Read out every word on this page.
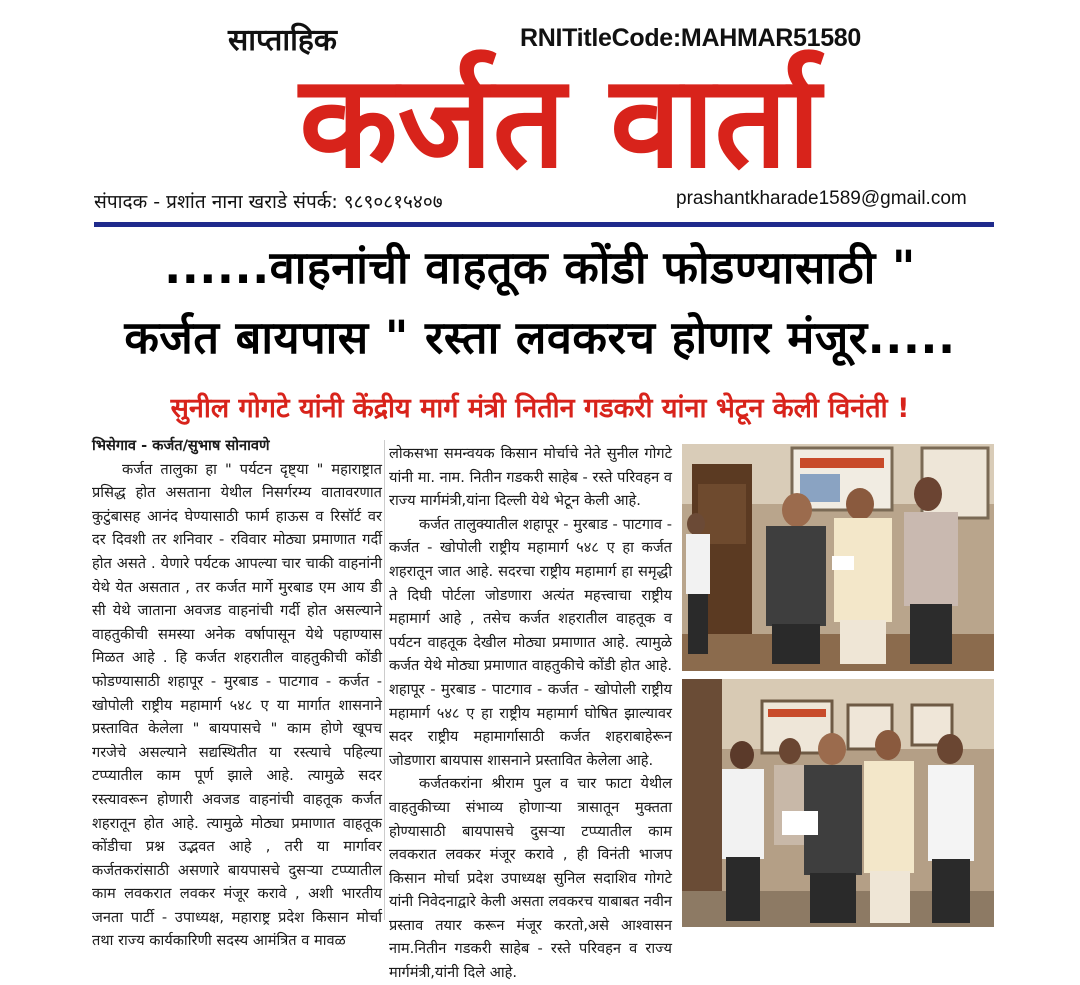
साप्ताहिक	RNITitleCode:MAHMAR51580
कर्जत वार्ता
संपादक - प्रशांत नाना खराडे संपर्क: ९८९०८१५४०७	prashantkharade1589@gmail.com
......वाहनांची वाहतूक कोंडी फोडण्यासाठी "
कर्जत बायपास " रस्ता लवकरच होणार मंजूर.....
सुनील गोगटे यांनी केंद्रीय मार्ग मंत्री नितीन गडकरी यांना भेटून केली विनंती !
भिसेगाव - कर्जत/सुभाष सोनावणे
कर्जत तालुका हा " पर्यटन दृष्ट्या " महाराष्ट्रात प्रसिद्ध होत असताना येथील निसर्गरम्य वातावरणात कुटुंबासह आनंद घेण्यासाठी फार्म हाऊस व रिसॉर्ट वर दर दिवशी तर शनिवार - रविवार मोठ्या प्रमाणात गर्दी होत असते . येणारे पर्यटक आपल्या चार चाकी वाहनांनी येथे येत असतात , तर कर्जत मार्गे मुरबाड एम आय डी सी येथे जाताना अवजड वाहनांची गर्दी होत असल्याने वाहतुकीची समस्या अनेक वर्षापासून येथे पहाण्यास मिळत आहे . हि कर्जत शहरातील वाहतुकीची कोंडी फोडण्यासाठी शहापूर - मुरबाड - पाटगाव - कर्जत - खोपोली राष्ट्रीय महामार्ग ५४८ ए या मार्गात शासनाने प्रस्तावित केलेला " बायपासचे " काम होणे खूपच गरजेचे असल्याने सद्यस्थितीत या रस्त्याचे पहिल्या टप्प्यातील काम पूर्ण झाले आहे. त्यामुळे सदर रस्त्यावरून होणारी अवजड वाहनांची वाहतूक कर्जत शहरातून होत आहे. त्यामुळे मोठ्या प्रमाणात वाहतूक कोंडीचा प्रश्न उद्भवत आहे , तरी या मार्गावर कर्जतकरांसाठी असणारे बायपासचे दुसऱ्या टप्प्यातील काम लवकरात लवकर मंजूर करावे , अशी भारतीय जनता पार्टी - उपाध्यक्ष, महाराष्ट्र प्रदेश किसान मोर्चा तथा राज्य कार्यकारिणी सदस्य आमंत्रित व मावळ
लोकसभा समन्वयक किसान मोर्चाचे नेते सुनील गोगटे यांनी मा. नाम. नितीन गडकरी साहेब - रस्ते परिवहन व राज्य मार्गमंत्री,यांना दिल्ली येथे भेटून केली आहे.
कर्जत तालुक्यातील शहापूर - मुरबाड - पाटगाव - कर्जत - खोपोली राष्ट्रीय महामार्ग ५४८ ए हा कर्जत शहरातून जात आहे. सदरचा राष्ट्रीय महामार्ग हा समृद्धी ते दिघी पोर्टला जोडणारा अत्यंत महत्त्वाचा राष्ट्रीय महामार्ग आहे , तसेच कर्जत शहरातील वाहतूक व पर्यटन वाहतूक देखील मोठ्या प्रमाणात आहे. त्यामुळे कर्जत येथे मोठ्या प्रमाणात वाहतुकीचे कोंडी होत आहे. शहापूर - मुरबाड - पाटगाव - कर्जत - खोपोली राष्ट्रीय महामार्ग ५४८ ए हा राष्ट्रीय महामार्ग घोषित झाल्यावर सदर राष्ट्रीय महामार्गासाठी कर्जत शहराबाहेरून जोडणारा बायपास शासनाने प्रस्तावित केलेला आहे.
कर्जतकरांना श्रीराम पुल व चार फाटा येथील वाहतुकीच्या संभाव्य होणाऱ्या त्रासातून मुक्तता होण्यासाठी बायपासचे दुसऱ्या टप्प्यातील काम लवकरात लवकर मंजूर करावे , ही विनंती भाजप किसान मोर्चा प्रदेश उपाध्यक्ष सुनिल सदाशिव गोगटे यांनी निवेदनाद्वारे केली असता लवकरच याबाबत नवीन प्रस्ताव तयार करून मंजूर करतो,असे आश्वासन नाम.नितीन गडकरी साहेब - रस्ते परिवहन व राज्य मार्गमंत्री,यांनी दिले आहे.
